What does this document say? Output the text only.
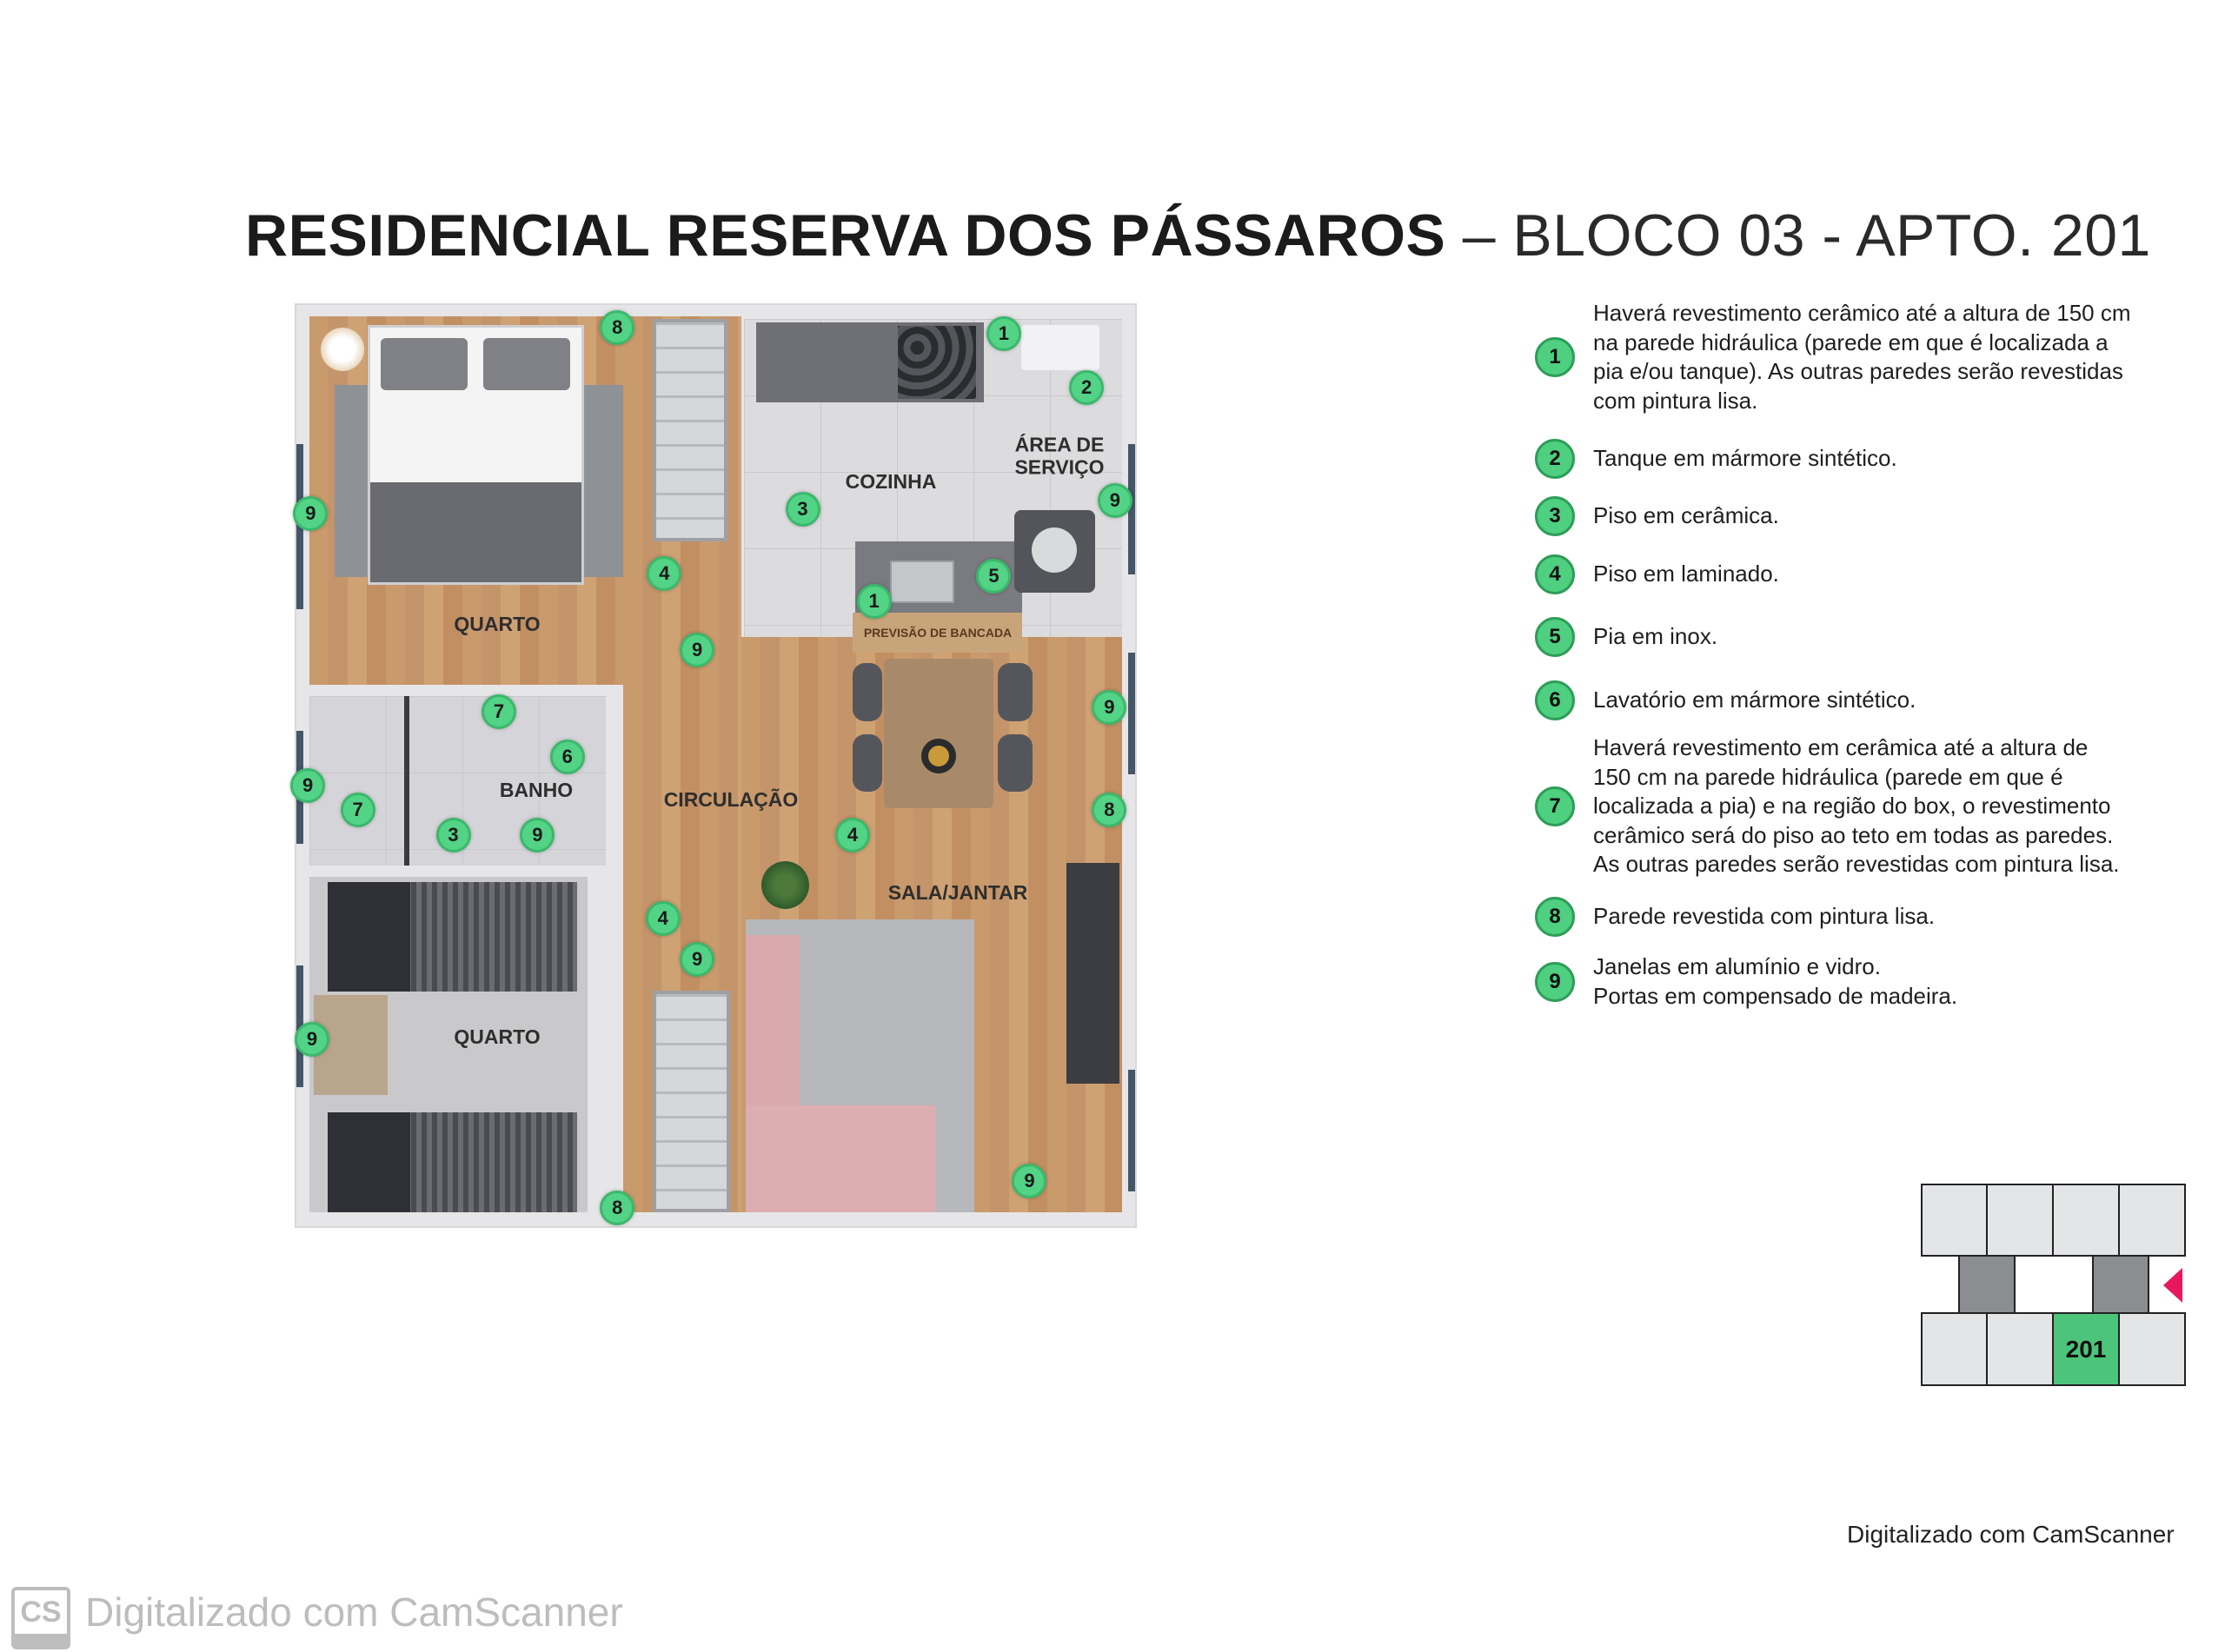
RESIDENCIAL RESERVA DOS PÁSSAROS – BLOCO 03 - APTO. 201
QUARTO
ÁREA DE SERVIÇO
COZINHA
PREVISÃO DE BANCADA
BANHO	CIRCULAÇÃO
SALA/JANTAR
QUARTO
8	1
2
9	3	9
4	5
1
9
9
7
6
9
7
3	9	4
8
4
9
9
9
8
1
Haverá revestimento cerâmico até a altura de 150 cm
na parede hidráulica (parede em que é localizada a
pia e/ou tanque). As outras paredes serão revestidas
com pintura lisa.
2	Tanque em mármore sintético.
3	Piso em cerâmica.
4	Piso em laminado.
5	Pia em inox.
6	Lavatório em mármore sintético.
7
Haverá revestimento em cerâmica até a altura de
150 cm na parede hidráulica (parede em que é
localizada a pia) e na região do box, o revestimento
cerâmico será do piso ao teto em todas as paredes.
As outras paredes serão revestidas com pintura lisa.
8	Parede revestida com pintura lisa.
9
Janelas em alumínio e vidro.
Portas em compensado de madeira.
201
Digitalizado com CamScanner
CS Digitalizado com CamScanner
